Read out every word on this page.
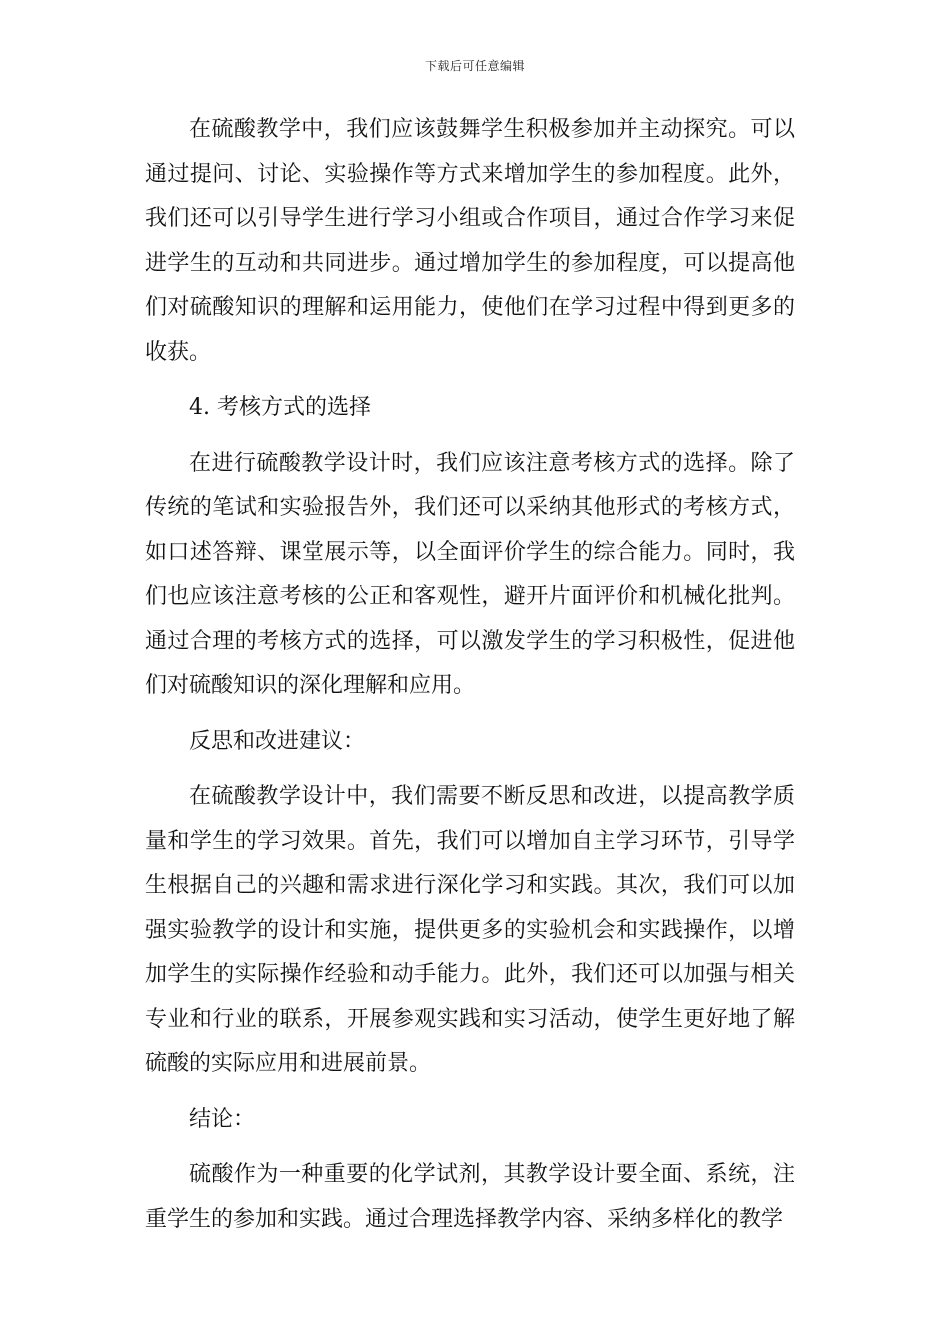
下载后可任意编辑

在硫酸教学中，我们应该鼓舞学生积极参加并主动探究。可以通过提问、讨论、实验操作等方式来增加学生的参加程度。此外，我们还可以引导学生进行学习小组或合作项目，通过合作学习来促进学生的互动和共同进步。通过增加学生的参加程度，可以提高他们对硫酸知识的理解和运用能力，使他们在学习过程中得到更多的收获。

4. 考核方式的选择

在进行硫酸教学设计时，我们应该注意考核方式的选择。除了传统的笔试和实验报告外，我们还可以采纳其他形式的考核方式，如口述答辩、课堂展示等，以全面评价学生的综合能力。同时，我们也应该注意考核的公正和客观性，避开片面评价和机械化批判。通过合理的考核方式的选择，可以激发学生的学习积极性，促进他们对硫酸知识的深化理解和应用。

反思和改进建议：

在硫酸教学设计中，我们需要不断反思和改进，以提高教学质量和学生的学习效果。首先，我们可以增加自主学习环节，引导学生根据自己的兴趣和需求进行深化学习和实践。其次，我们可以加强实验教学的设计和实施，提供更多的实验机会和实践操作，以增加学生的实际操作经验和动手能力。此外，我们还可以加强与相关专业和行业的联系，开展参观实践和实习活动，使学生更好地了解硫酸的实际应用和进展前景。

结论：

硫酸作为一种重要的化学试剂，其教学设计要全面、系统，注重学生的参加和实践。通过合理选择教学内容、采纳多样化的教学
